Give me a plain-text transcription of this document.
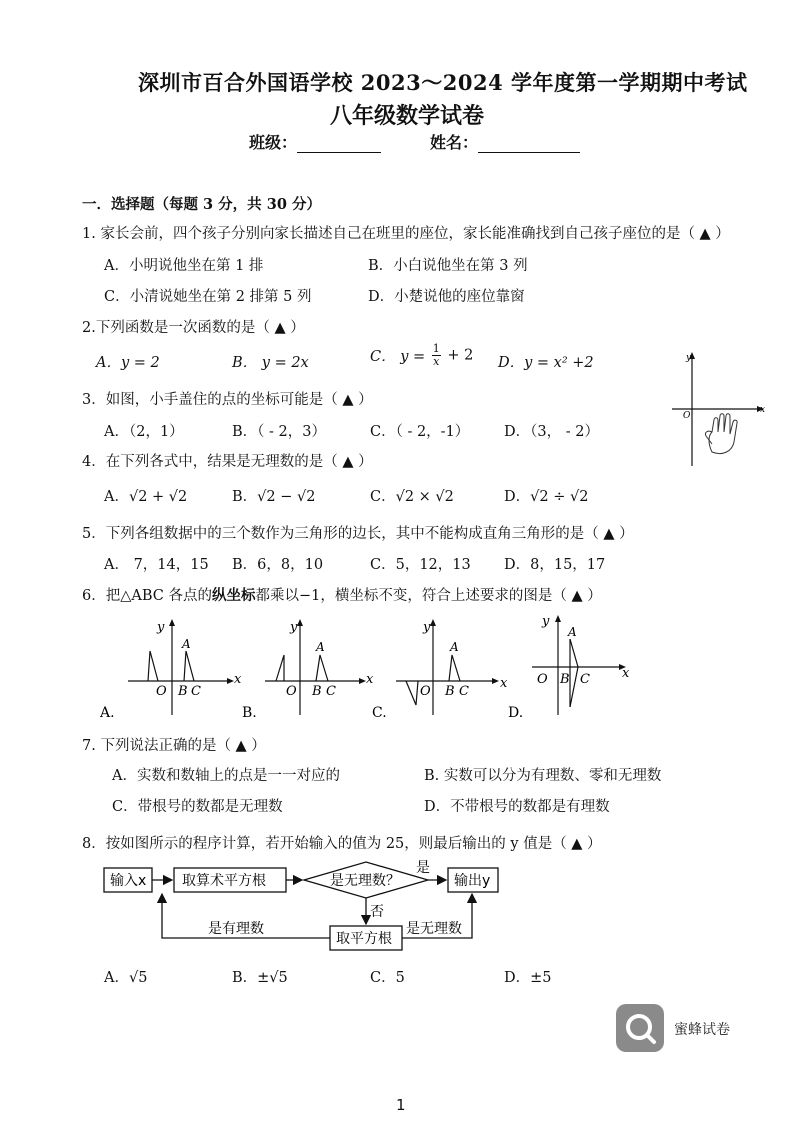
深圳市百合外国语学校 2023～2024 学年度第一学期期中考试
八年级数学试卷
班级：	姓名：
一．选择题（每题 3 分，共 30 分）
1. 家长会前，四个孩子分别向家长描述自己在班里的座位，家长能准确找到自己孩子座位的是（ ▲ ）
A．小明说他坐在第 1 排	B．小白说他坐在第 3 列
C．小清说她坐在第 2 排第 5 列	D．小楚说他的座位靠窗
2.下列函数是一次函数的是（ ▲ ）
A．y = 2	B． y = 2x	C． $y = \frac{1}{x} + 2$ D．y = x² +2
3．如图，小手盖住的点的坐标可能是（ ▲ ）
A．（2，1）	B．（ - 2，3）	C．（ - 2，-1） D．（3， - 2）
y
x
O
4．在下列各式中，结果是无理数的是（ ▲ ）
A．√2 + √2	B．√2 − √2	C．√2 × √2	D．√2 ÷ √2
5．下列各组数据中的三个数作为三角形的边长，其中不能构成直角三角形的是（ ▲ ）
A． 7，14，15 B．6，8，10	C．5，12，13 D．8，15，17
6．把△ABC 各点的纵坐标都乘以−1，横坐标不变，符合上述要求的图是（ ▲ ）
y
x
O B C
A
A.
y
x
O B C
A
B.
y
x
O B C
A
C.
y
x
O B C
A
D.
7. 下列说法正确的是（ ▲ ）
A．实数和数轴上的点是一一对应的	B. 实数可以分为有理数、零和无理数
C．带根号的数都是无理数	D．不带根号的数都是有理数
8．按如图所示的程序计算，若开始输入的值为 25，则最后输出的 y 值是（ ▲ ）
输入x	取算术平方根	是无理数？
是
输出y
否
取平方根
是有理数	是无理数
A．√5	B．±√5	C．5	D．±5
蜜蜂试卷
1
